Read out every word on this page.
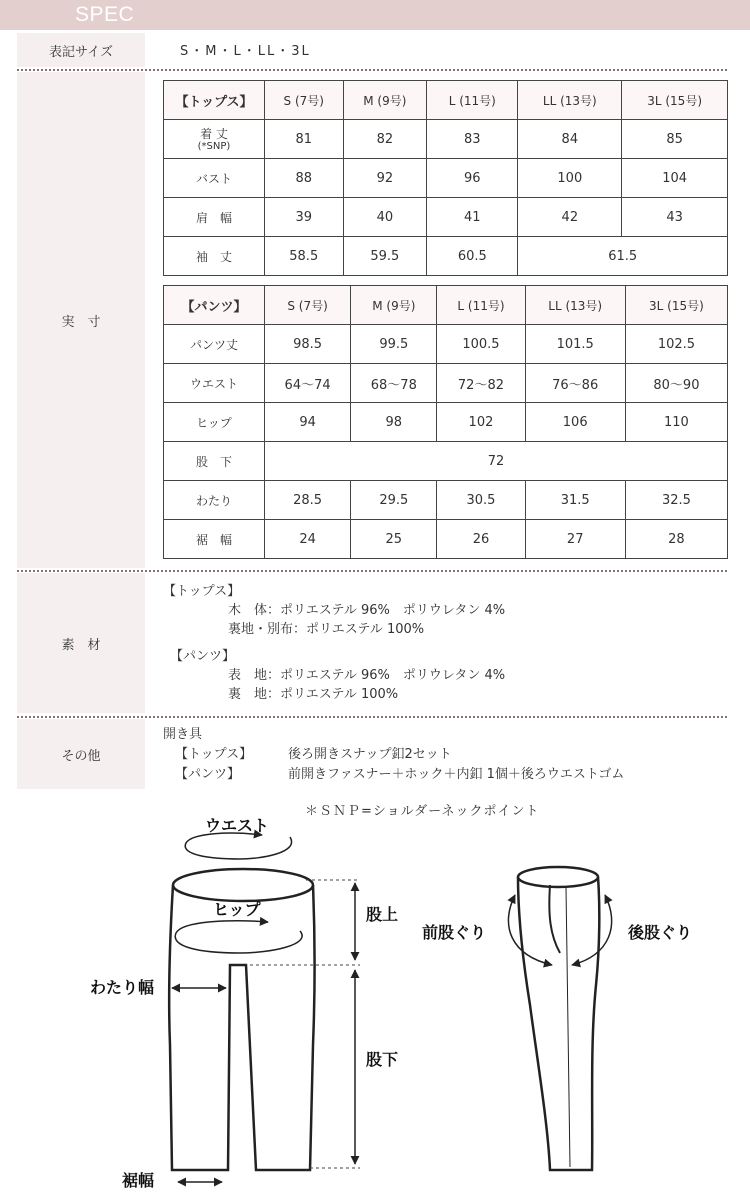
SPEC
表記サイズ	S・M・L・LL・3L
実　寸
【トップス】	S (7号)	M (9号)	L (11号)	LL (13号)	3L (15号)

着 丈
(*SNP)	81	82	83	84	85
バスト	88	92	96	100	104
肩　幅	39	40	41	42	43
袖　丈	58.5	59.5	60.5	61.5	
【パンツ】	S (7号)	M (9号)	L (11号)	LL (13号)	3L (15号)
パンツ丈	98.5	99.5	100.5	101.5	102.5
ウエスト	64〜74	68〜78	72〜82	76〜86	80〜90
ヒップ	94	98	102	106	110
股　下	72				
わたり	28.5	29.5	30.5	31.5	32.5
裾　幅	24	25	26	27	28
素　材
【トップス】
木　体：ポリエステル 96%　ポリウレタン 4%
裏地・別布：ポリエステル 100%
【パンツ】
表　地：ポリエステル 96%　ポリウレタン 4%
裏　地：ポリエステル 100%
その他
開き具
【トップス】	後ろ開きスナップ釦2セット
【パンツ】	前開きファスナー＋ホック＋内釦 1個＋後ろウエストゴム
＊ＳＮＰ=ショルダーネックポイント
ウエスト
ヒップ
わたり幅
裾幅
股上
股下
前股ぐり	後股ぐり
